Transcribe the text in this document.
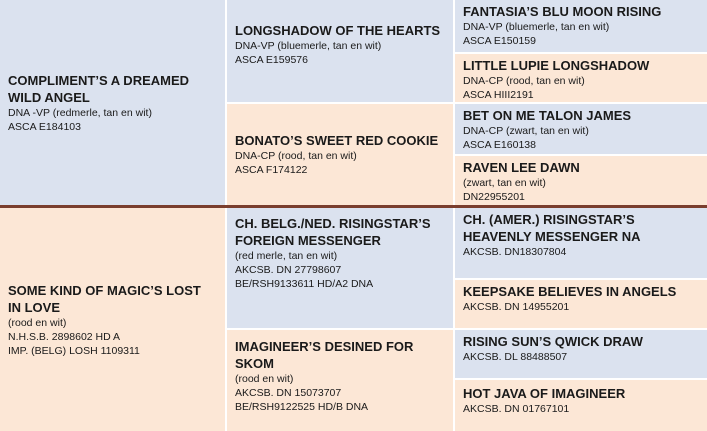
COMPLIMENT’S A DREAMED WILD ANGEL
DNA -VP (redmerle, tan en wit)
ASCA E184103
SOME KIND OF MAGIC’S LOST IN LOVE
(rood en wit)
N.H.S.B. 2898602 HD A
IMP. (BELG) LOSH 1109311
LONGSHADOW OF THE HEARTS
DNA-VP (bluemerle, tan en wit)
ASCA E159576
BONATO’S SWEET RED COOKIE
DNA-CP (rood, tan en wit)
ASCA F174122
CH. BELG./NED. RISINGSTAR’S FOREIGN MESSENGER
(red merle, tan en wit)
AKCSB. DN 27798607
BE/RSH9133611 HD/A2 DNA
IMAGINEER’S DESINED FOR SKOM
(rood en wit)
AKCSB. DN 15073707
BE/RSH9122525 HD/B DNA
FANTASIA’S BLU MOON RISING
DNA-VP (bluemerle, tan en wit)
ASCA E150159
LITTLE LUPIE LONGSHADOW
DNA-CP (rood, tan en wit)
ASCA HIII2191
BET ON ME TALON JAMES
DNA-CP (zwart, tan en wit)
ASCA E160138
RAVEN LEE DAWN
(zwart, tan en wit)
DN22955201
CH. (AMER.) RISINGSTAR’S HEAVENLY MESSENGER NA
AKCSB. DN18307804
KEEPSAKE BELIEVES IN ANGELS
AKCSB. DN 14955201
RISING SUN’S QWICK DRAW
AKCSB. DL 88488507
HOT JAVA OF IMAGINEER
AKCSB. DN 01767101
